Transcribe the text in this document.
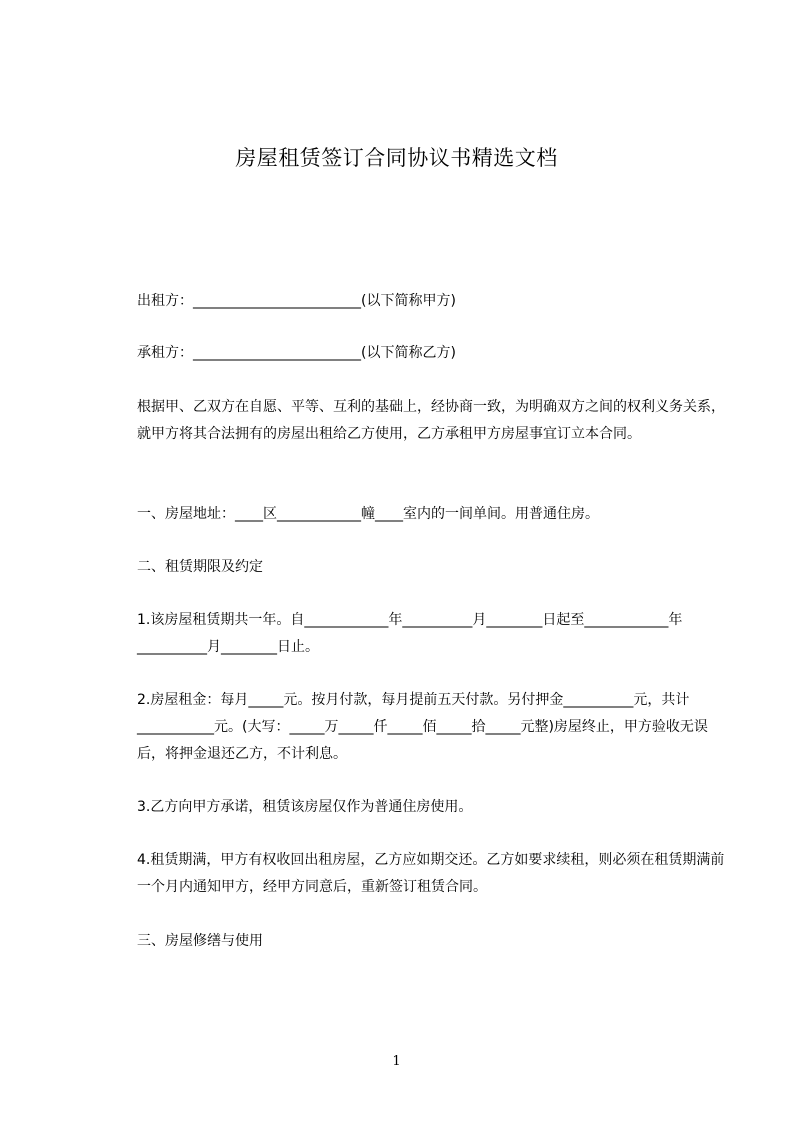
房屋租赁签订合同协议书精选文档

出租方：________________________(以下简称甲方)

承租方：________________________(以下简称乙方)

根据甲、乙双方在自愿、平等、互利的基础上，经协商一致，为明确双方之间的权利义务关系，就甲方将其合法拥有的房屋出租给乙方使用，乙方承租甲方房屋事宜订立本合同。

一、房屋地址：____区____________幢____室内的一间单间。用普通住房。

二、租赁期限及约定

1.该房屋租赁期共一年。自____________年__________月________日起至____________年__________月________日止。

2.房屋租金：每月_____元。按月付款，每月提前五天付款。另付押金__________元，共计___________元。(大写：_____万_____仟_____佰_____拾_____元整)房屋终止，甲方验收无误后，将押金退还乙方，不计利息。

3.乙方向甲方承诺，租赁该房屋仅作为普通住房使用。

4.租赁期满，甲方有权收回出租房屋，乙方应如期交还。乙方如要求续租，则必须在租赁期满前一个月内通知甲方，经甲方同意后，重新签订租赁合同。

三、房屋修缮与使用

1
